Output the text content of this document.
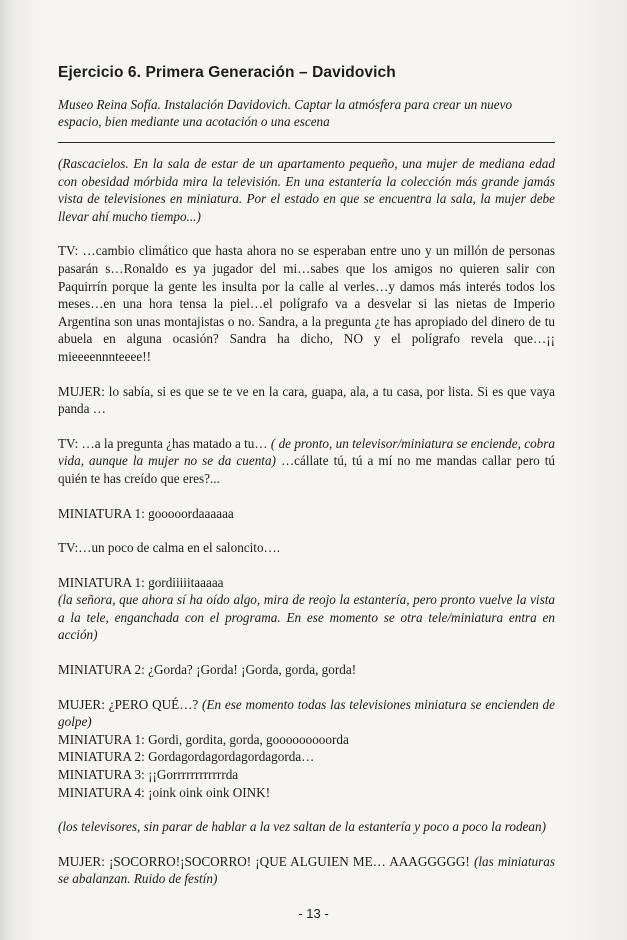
Ejercicio 6. Primera Generación – Davidovich

Museo Reina Sofía. Instalación Davidovich. Captar la atmósfera para crear un nuevo espacio, bien mediante una acotación o una escena

(Rascacielos. En la sala de estar de un apartamento pequeño, una mujer de mediana edad con obesidad mórbida mira la televisión. En una estantería la colección más grande jamás vista de televisiones en miniatura. Por el estado en que se encuentra la sala, la mujer debe llevar ahí mucho tiempo...)

TV: …cambio climático que hasta ahora no se esperaban entre uno y un millón de personas pasarán s…Ronaldo es ya jugador del mi…sabes que los amigos no quieren salir con Paquirrín porque la gente les insulta por la calle al verles…y damos más interés todos los meses…en una hora tensa la piel…el polígrafo va a desvelar si las nietas de Imperio Argentina son unas montajistas o no. Sandra, a la pregunta ¿te has apropiado del dinero de tu abuela en alguna ocasión? Sandra ha dicho, NO y el polígrafo revela que…¡¡ mieeeennnteeee!!

MUJER: lo sabía, si es que se te ve en la cara, guapa, ala, a tu casa, por lista. Si es que vaya panda …

TV: …a la pregunta ¿has matado a tu… ( de pronto, un televisor/miniatura se enciende, cobra vida, aunque la mujer no se da cuenta) …cállate tú, tú a mí no me mandas callar pero tú quién te has creído que eres?...

MINIATURA 1: gooooordaaaaaa

TV:…un poco de calma en el saloncito….

MINIATURA 1: gordiiiiitaaaaa
(la señora, que ahora sí ha oído algo, mira de reojo la estantería, pero pronto vuelve la vista a la tele, enganchada con el programa. En ese momento se otra tele/miniatura entra en acción)

MINIATURA 2: ¿Gorda? ¡Gorda! ¡Gorda, gorda, gorda!

MUJER: ¿PERO QUÉ…? (En ese momento todas las televisiones miniatura se encienden de golpe)
MINIATURA 1: Gordi, gordita, gorda, gooooooooorda
MINIATURA 2: Gordagordagordagordagorda…
MINIATURA 3: ¡¡Gorrrrrrrrrrrrda
MINIATURA 4: ¡oink oink oink OINK!

(los televisores, sin parar de hablar a la vez saltan de la estantería y poco a poco la rodean)

MUJER: ¡SOCORRO!¡SOCORRO! ¡QUE ALGUIEN ME… AAAGGGGG! (las miniaturas se abalanzan. Ruido de festín)

- 13 -
